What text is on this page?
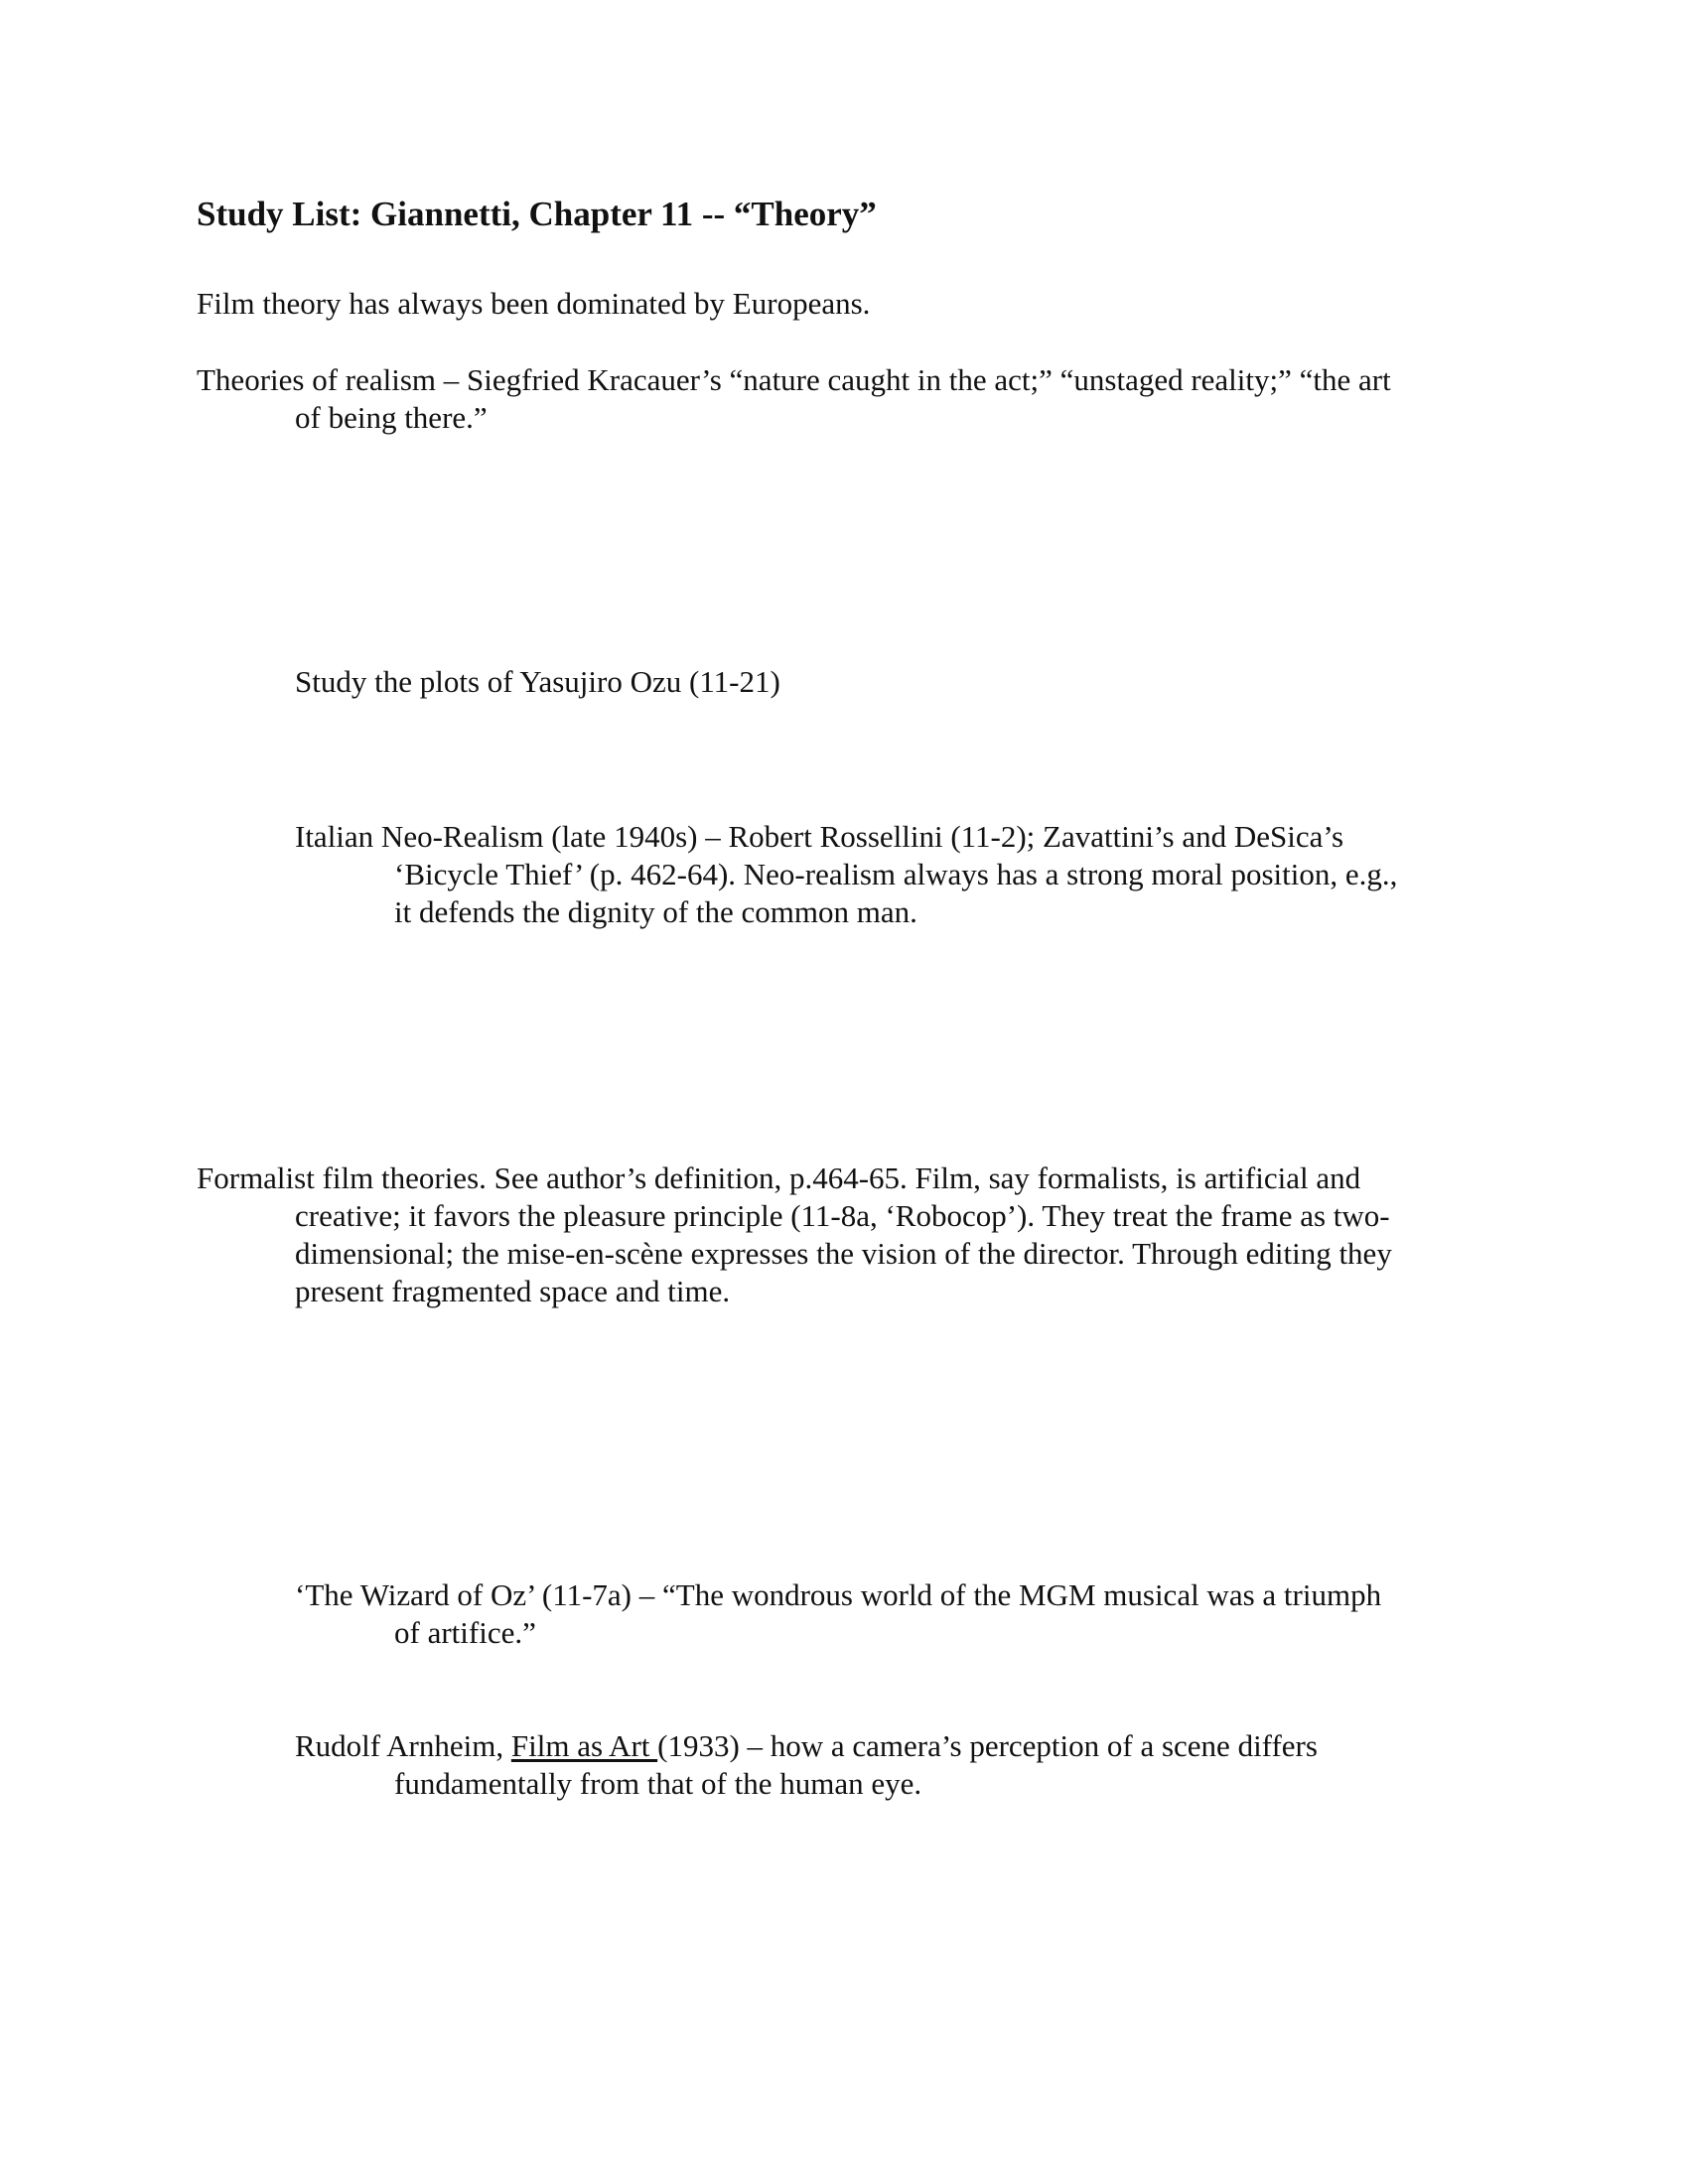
Study List: Giannetti, Chapter 11 -- “Theory”
Film theory has always been dominated by Europeans.
Theories of realism – Siegfried Kracauer’s “nature caught in the act;” “unstaged reality;” “the art
of being there.”
Study the plots of Yasujiro Ozu (11-21)
Italian Neo-Realism (late 1940s) – Robert Rossellini (11-2); Zavattini’s and DeSica’s
‘Bicycle Thief’ (p. 462-64). Neo-realism always has a strong moral position, e.g.,
it defends the dignity of the common man.
Formalist film theories. See author’s definition, p.464-65. Film, say formalists, is artificial and
creative; it favors the pleasure principle (11-8a, ‘Robocop’). They treat the frame as two-
dimensional; the mise-en-scène expresses the vision of the director. Through editing they
present fragmented space and time.
‘The Wizard of Oz’ (11-7a) – “The wondrous world of the MGM musical was a triumph
of artifice.”
Rudolf Arnheim, Film as Art (1933) – how a camera’s perception of a scene differs
fundamentally from that of the human eye.
